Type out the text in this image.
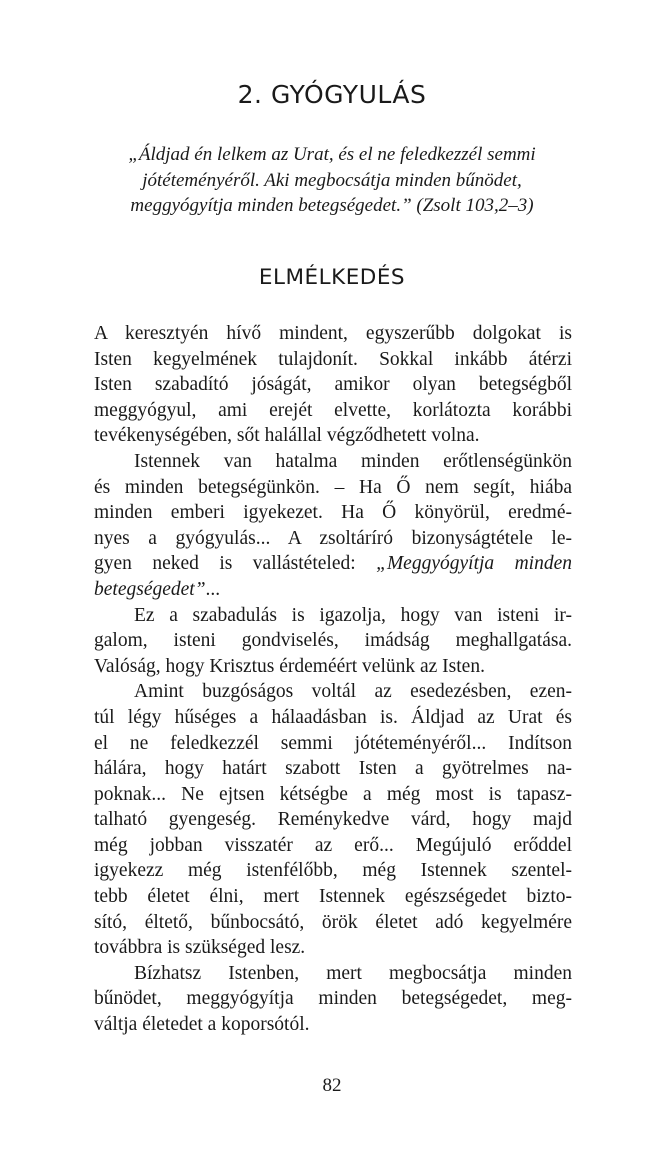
2. GYÓGYULÁS
„Áldjad én lelkem az Urat, és el ne feledkezzél semmi
jótéteményéről. Aki megbocsátja minden bűnödet,
meggyógyítja minden betegségedet.” (Zsolt 103,2–3)
ELMÉLKEDÉS
A keresztyén hívő mindent, egyszerűbb dolgokat is
Isten kegyelmének tulajdonít. Sokkal inkább átérzi
Isten szabadító jóságát, amikor olyan betegségből
meggyógyul, ami erejét elvette, korlátozta korábbi
tevékenységében, sőt halállal végződhetett volna.
Istennek van hatalma minden erőtlenségünkön
és minden betegségünkön. – Ha Ő nem segít, hiába
minden emberi igyekezet. Ha Ő könyörül, eredmé-
nyes a gyógyulás... A zsoltáríró bizonyságtétele le-
gyen neked is vallástételed: „Meggyógyítja minden
betegségedet”...
Ez a szabadulás is igazolja, hogy van isteni ir-
galom, isteni gondviselés, imádság meghallgatása.
Valóság, hogy Krisztus érdeméért velünk az Isten.
Amint buzgóságos voltál az esedezésben, ezen-
túl légy hűséges a hálaadásban is. Áldjad az Urat és
el ne feledkezzél semmi jótéteményéről... Indítson
hálára, hogy határt szabott Isten a gyötrelmes na-
poknak... Ne ejtsen kétségbe a még most is tapasz-
talható gyengeség. Reménykedve várd, hogy majd
még jobban visszatér az erő... Megújuló erőddel
igyekezz még istenfélőbb, még Istennek szentel-
tebb életet élni, mert Istennek egészségedet bizto-
sító, éltető, bűnbocsátó, örök életet adó kegyelmére
továbbra is szükséged lesz.
Bízhatsz Istenben, mert megbocsátja minden
bűnödet, meggyógyítja minden betegségedet, meg-
váltja életedet a koporsótól.
82
